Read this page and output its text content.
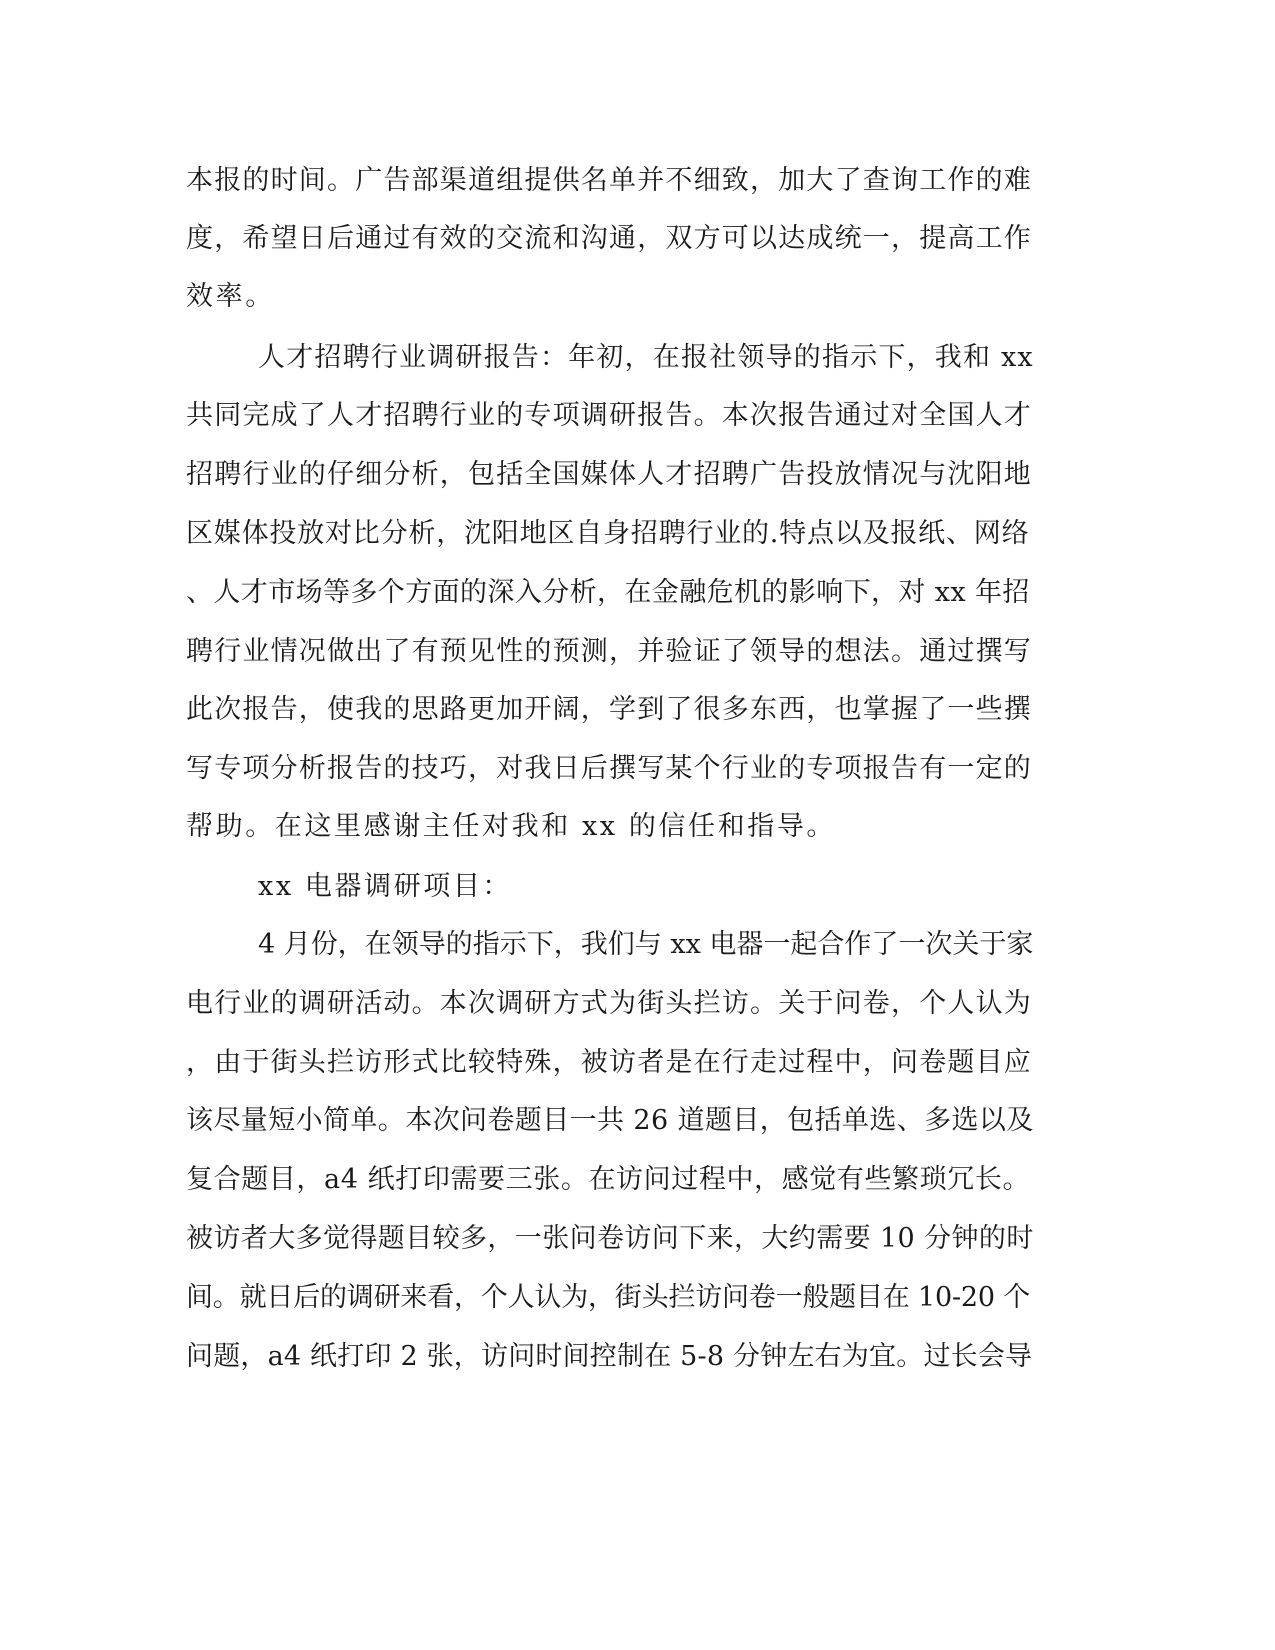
本报的时间。广告部渠道组提供名单并不细致，加大了查询工作的难
度，希望日后通过有效的交流和沟通，双方可以达成统一，提高工作
效率。
人才招聘行业调研报告：年初，在报社领导的指示下，我和 xx
共同完成了人才招聘行业的专项调研报告。本次报告通过对全国人才
招聘行业的仔细分析，包括全国媒体人才招聘广告投放情况与沈阳地
区媒体投放对比分析，沈阳地区自身招聘行业的.特点以及报纸、网络
、人才市场等多个方面的深入分析，在金融危机的影响下，对 xx 年招
聘行业情况做出了有预见性的预测，并验证了领导的想法。通过撰写
此次报告，使我的思路更加开阔，学到了很多东西，也掌握了一些撰
写专项分析报告的技巧，对我日后撰写某个行业的专项报告有一定的
帮助。在这里感谢主任对我和 xx 的信任和指导。
xx 电器调研项目：
4 月份，在领导的指示下，我们与 xx 电器一起合作了一次关于家
电行业的调研活动。本次调研方式为街头拦访。关于问卷，个人认为
，由于街头拦访形式比较特殊，被访者是在行走过程中，问卷题目应
该尽量短小简单。本次问卷题目一共 26 道题目，包括单选、多选以及
复合题目，a4 纸打印需要三张。在访问过程中，感觉有些繁琐冗长。
被访者大多觉得题目较多，一张问卷访问下来，大约需要 10 分钟的时
间。就日后的调研来看，个人认为，街头拦访问卷一般题目在 10-20 个
问题，a4 纸打印 2 张，访问时间控制在 5-8 分钟左右为宜。过长会导
